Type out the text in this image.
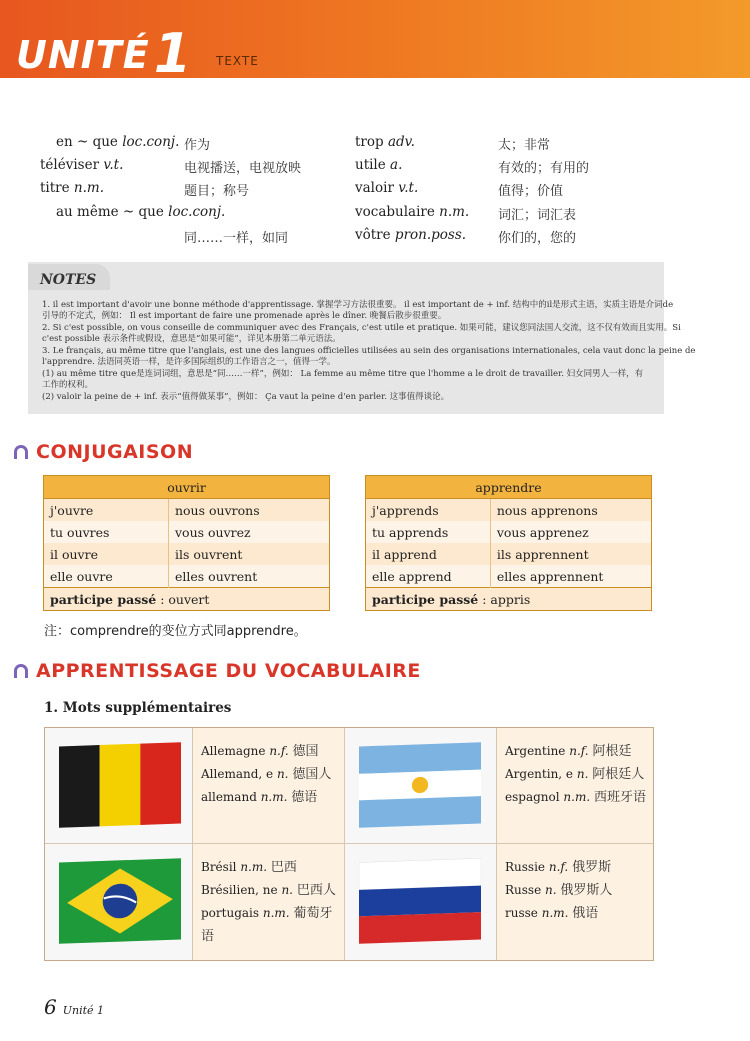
UNITÉ1 TEXTE
en ~ que loc.conj. 作为
téléviser v.t.	电视播送，电视放映
titre n.m.	题目；称号
au même ~ que loc.conj.
同……一样，如同
trop adv.	太；非常
utile a.	有效的；有用的
valoir v.t.	值得；价值
vocabulaire n.m. 词汇；词汇表
vôtre pron.poss. 你们的，您的
NOTES
1. il est important d'avoir une bonne méthode d'apprentissage. 掌握学习方法很重要。 il est important de + inf. 结构中的il是形式主语，实质主语是介词de
引导的不定式，例如： Il est important de faire une promenade après le dîner. 晚餐后散步很重要。
2. Si c'est possible, on vous conseille de communiquer avec des Français, c'est utile et pratique. 如果可能，建议您同法国人交流，这不仅有效而且实用。Si
c'est possible 表示条件或假设，意思是“如果可能”，详见本册第二单元语法。
3. Le français, au même titre que l'anglais, est une des langues officielles utilisées au sein des organisations internationales, cela vaut donc la peine de
l'apprendre. 法语同英语一样，是许多国际组织的工作语言之一，值得一学。
(1) au même titre que是连词词组，意思是“同……一样”，例如： La femme au même titre que l'homme a le droit de travailler. 妇女同男人一样，有
工作的权利。
(2) valoir la peine de + inf. 表示“值得做某事”，例如： Ça vaut la peine d'en parler. 这事值得谈论。
CONJUGAISON
ouvrir	
j'ouvre	nous ouvrons
tu ouvres	vous ouvrez
il ouvre	ils ouvrent
elle ouvre	elles ouvrent
participe passé : ouvert	
apprendre	
j'apprends	nous apprenons
tu apprends	vous apprenez
il apprend	ils apprennent
elle apprend	elles apprennent
participe passé : appris	
注：comprendre的变位方式同apprendre。
APPRENTISSAGE DU VOCABULAIRE
1. Mots supplémentaires
Allemagne n.f. 德国
Allemand, e n. 德国人
allemand n.m. 德语
Argentine n.f. 阿根廷
Argentin, e n. 阿根廷人
espagnol n.m. 西班牙语
Brésil n.m. 巴西
Brésilien, ne n. 巴西人
portugais n.m. 葡萄牙语
Russie n.f. 俄罗斯
Russe n. 俄罗斯人
russe n.m. 俄语
6 Unité 1
